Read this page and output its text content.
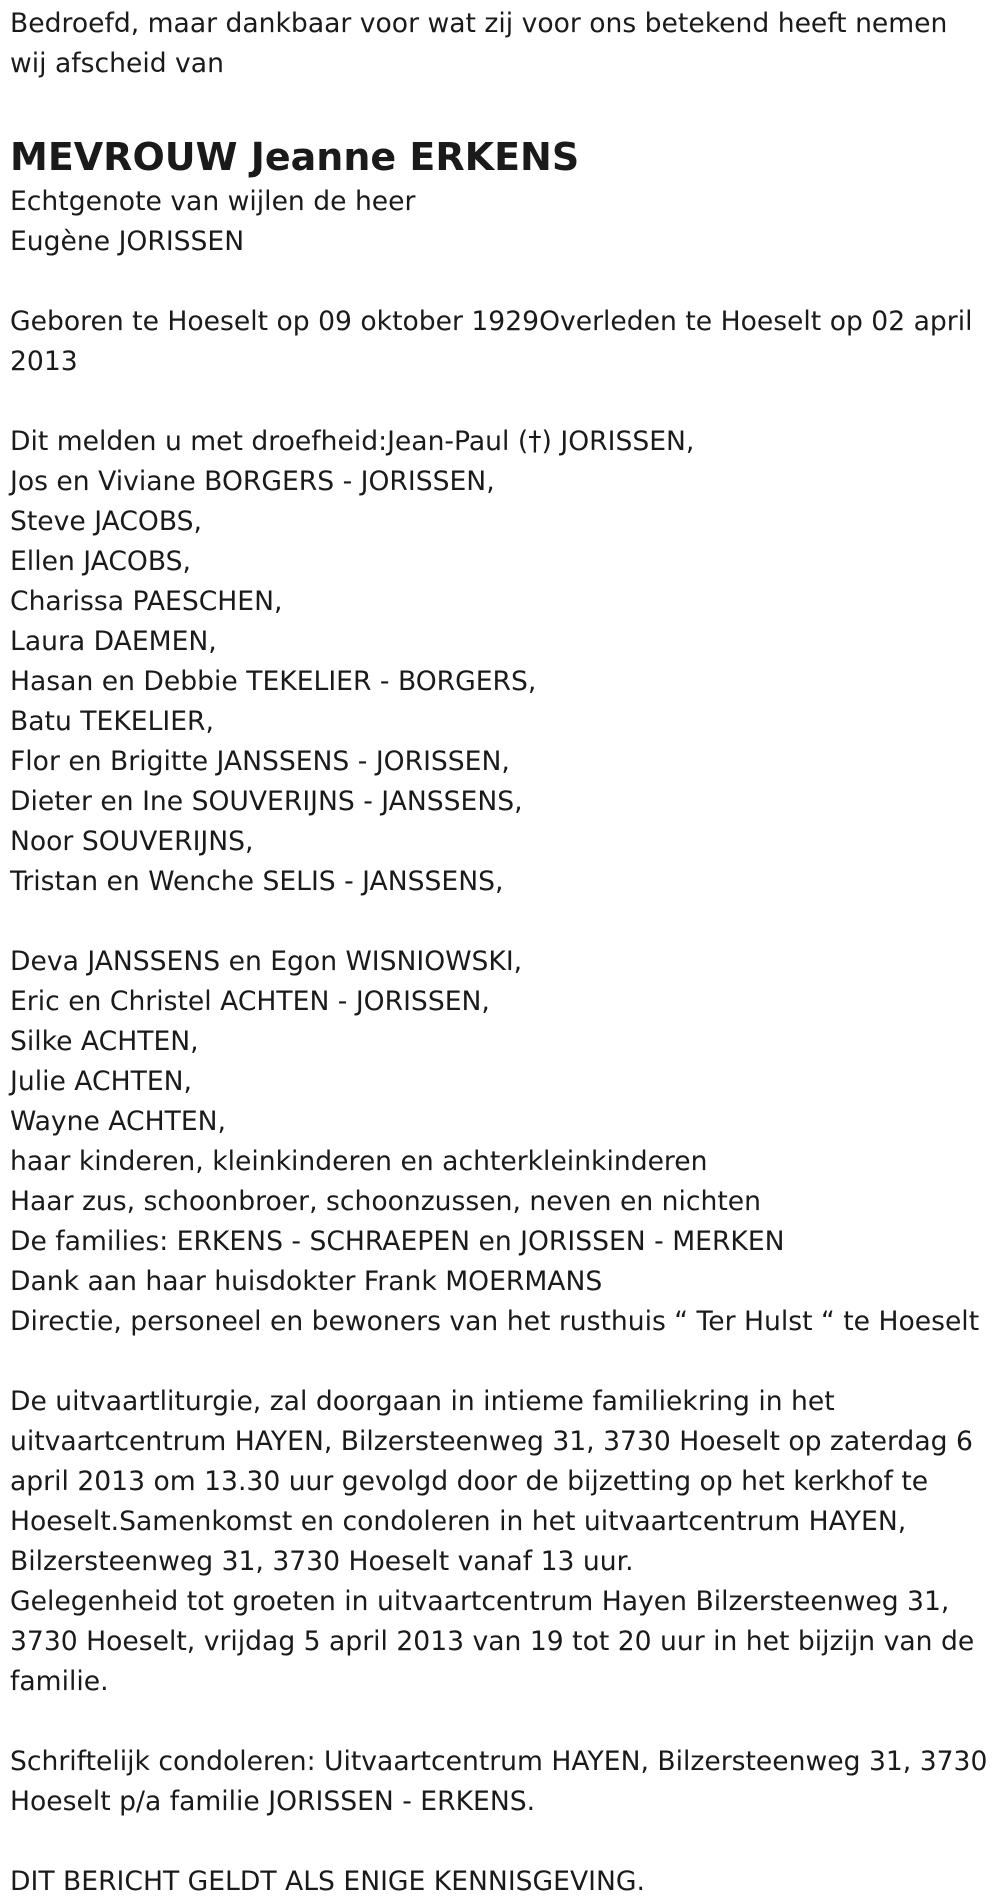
Bedroefd, maar dankbaar voor wat zij voor ons betekend heeft nemen wij afscheid van

MEVROUW Jeanne ERKENS

Echtgenote van wijlen de heer
Eugène JORISSEN

Geboren te Hoeselt op 09 oktober 1929Overleden te Hoeselt op 02 april 2013

Dit melden u met droefheid:Jean-Paul (†) JORISSEN,
Jos en Viviane BORGERS - JORISSEN,
Steve JACOBS,
Ellen JACOBS,
Charissa PAESCHEN,
Laura DAEMEN,
Hasan en Debbie TEKELIER - BORGERS,
Batu TEKELIER,
Flor en Brigitte JANSSENS - JORISSEN,
Dieter en Ine SOUVERIJNS - JANSSENS,
Noor SOUVERIJNS,
Tristan en Wenche SELIS - JANSSENS,
Deva JANSSENS en Egon WISNIOWSKI,
Eric en Christel ACHTEN - JORISSEN,
Silke ACHTEN,
Julie ACHTEN,
Wayne ACHTEN,
haar kinderen, kleinkinderen en achterkleinkinderen
Haar zus, schoonbroer, schoonzussen, neven en nichten
De families: ERKENS - SCHRAEPEN en JORISSEN - MERKEN
Dank aan haar huisdokter Frank MOERMANS
Directie, personeel en bewoners van het rusthuis “ Ter Hulst “ te Hoeselt

De uitvaartliturgie, zal doorgaan in intieme familiekring in het uitvaartcentrum HAYEN, Bilzersteenweg 31, 3730 Hoeselt op zaterdag 6 april 2013 om 13.30 uur gevolgd door de bijzetting op het kerkhof te Hoeselt.Samenkomst en condoleren in het uitvaartcentrum HAYEN, Bilzersteenweg 31, 3730 Hoeselt vanaf 13 uur.

Gelegenheid tot groeten in uitvaartcentrum Hayen Bilzersteenweg 31, 3730 Hoeselt, vrijdag 5 april 2013 van 19 tot 20 uur in het bijzijn van de familie.

Schriftelijk condoleren: Uitvaartcentrum HAYEN, Bilzersteenweg 31, 3730 Hoeselt p/a familie JORISSEN - ERKENS.

DIT BERICHT GELDT ALS ENIGE KENNISGEVING.
